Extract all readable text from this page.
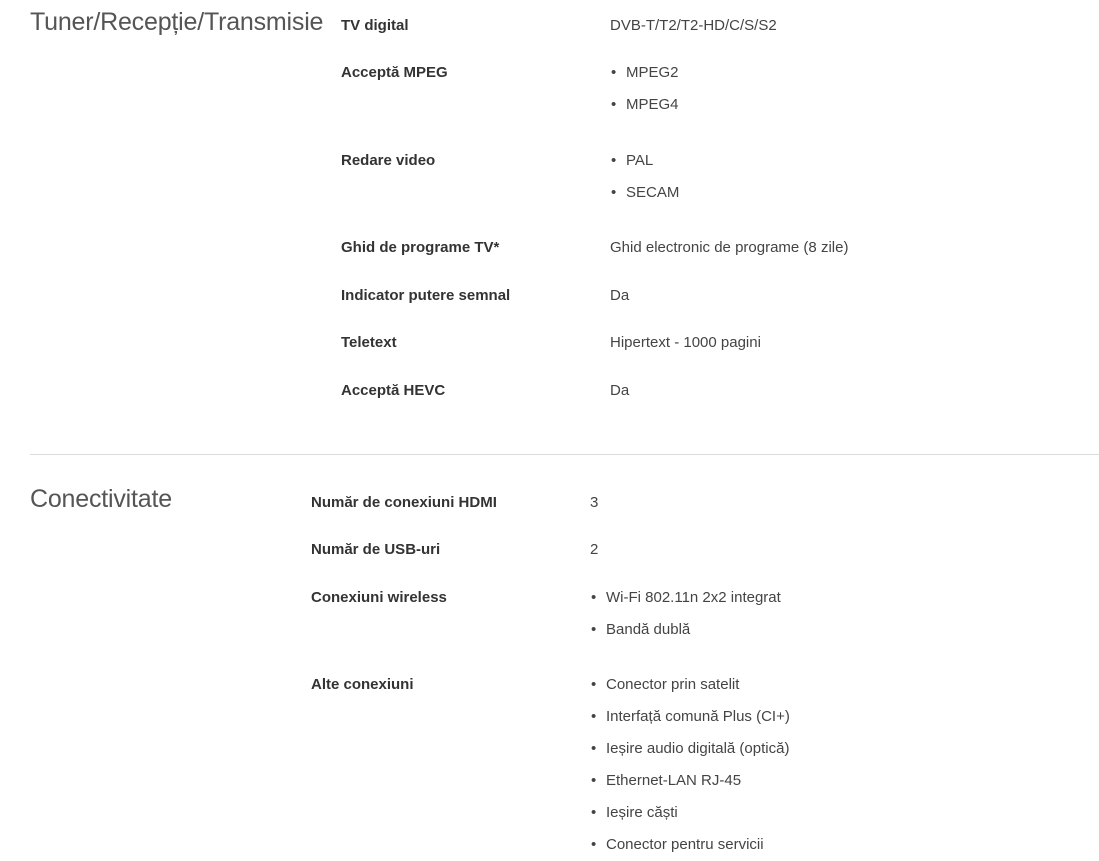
Tuner/Recepție/Transmisie TV digital	DVB-T/T2/T2-HD/C/S/S2
Acceptă MPEG	• MPEG2
• MPEG4
Redare video	• PAL
• SECAM
Ghid de programe TV*	Ghid electronic de programe (8 zile)
Indicator putere semnal	Da
Teletext	Hipertext - 1000 pagini
Acceptă HEVC	Da
Conectivitate	Număr de conexiuni HDMI	3
Număr de USB-uri	2
Conexiuni wireless	• Wi-Fi 802.11n 2x2 integrat
• Bandă dublă
Alte conexiuni	• Conector prin satelit
• Interfață comună Plus (CI+)
• Ieșire audio digitală (optică)
• Ethernet-LAN RJ-45
• Ieșire căști
• Conector pentru servicii
